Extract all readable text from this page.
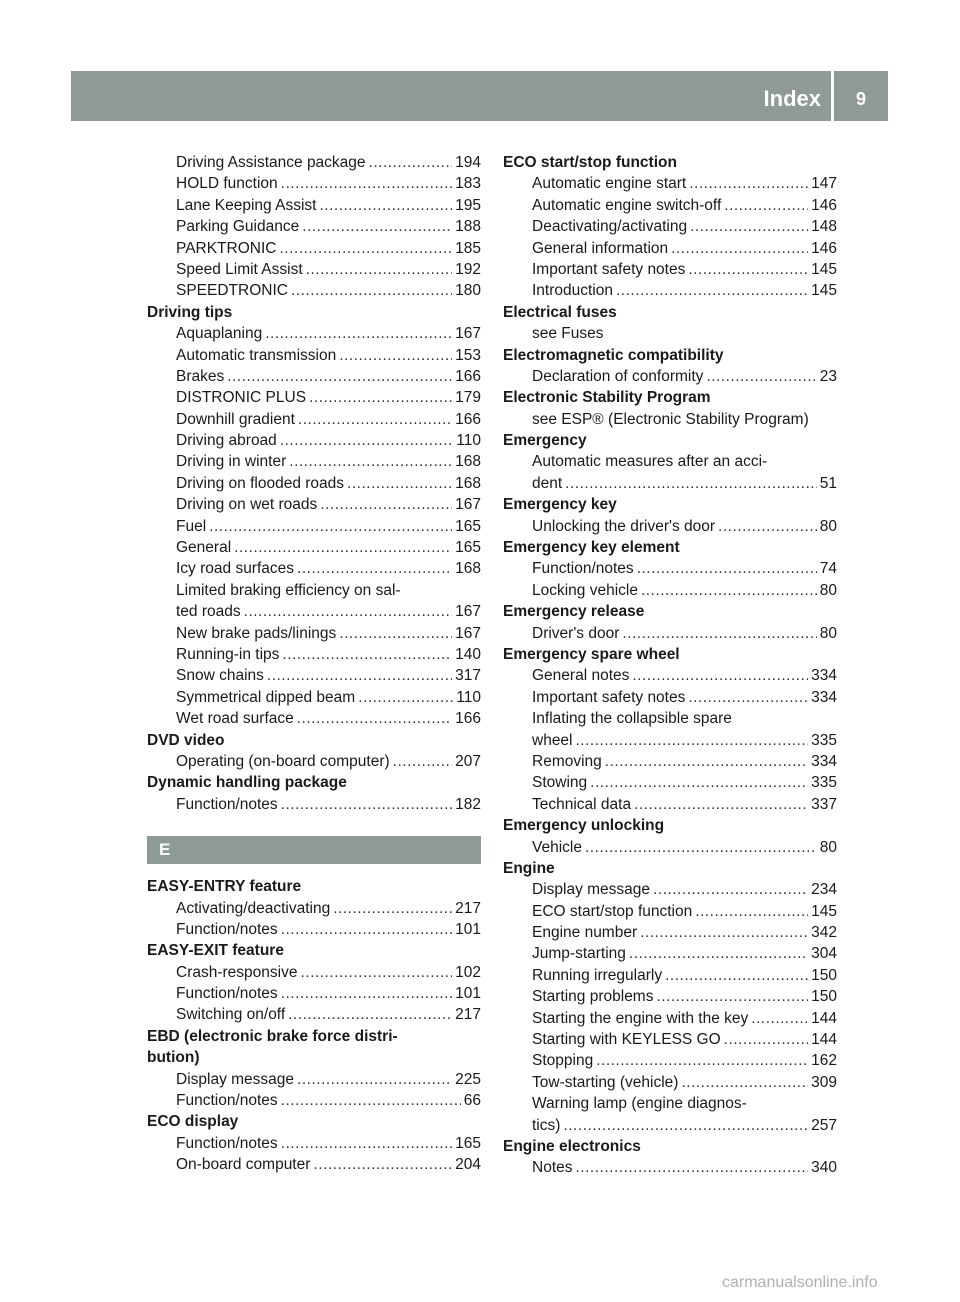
Index 9
Driving Assistance package .....	194
HOLD function .....	183
Lane Keeping Assist .....	195
Parking Guidance .....	188
PARKTRONIC .....	185
Speed Limit Assist .....	192
SPEEDTRONIC .....	180
Driving tips
Aquaplaning .....	167
Automatic transmission .....	153
Brakes .....	166
DISTRONIC PLUS .....	179
Downhill gradient .....	166
Driving abroad .....	110
Driving in winter .....	168
Driving on flooded roads .....	168
Driving on wet roads .....	167
Fuel .....	165
General .....	165
Icy road surfaces .....	168
Limited braking efficiency on sal-
ted roads .....	167
New brake pads/linings .....	167
Running-in tips .....	140
Snow chains .....	317
Symmetrical dipped beam .....	110
Wet road surface .....	166
DVD video
Operating (on-board computer) .....	207
Dynamic handling package
Function/notes .....	182
E
EASY-ENTRY feature
Activating/deactivating .....	217
Function/notes .....	101
EASY-EXIT feature
Crash-responsive .....	102
Function/notes .....	101
Switching on/off .....	217
EBD (electronic brake force distri-
bution)
Display message .....	225
Function/notes .....	66
ECO display
Function/notes .....	165
On-board computer .....	204
ECO start/stop function
Automatic engine start .....	147
Automatic engine switch-off .....	146
Deactivating/activating .....	148
General information .....	146
Important safety notes .....	145
Introduction .....	145
Electrical fuses
see Fuses
Electromagnetic compatibility
Declaration of conformity .....	23
Electronic Stability Program
see ESP® (Electronic Stability Program)
Emergency
Automatic measures after an acci-
dent .....	51
Emergency key
Unlocking the driver's door .....	80
Emergency key element
Function/notes .....	74
Locking vehicle .....	80
Emergency release
Driver's door .....	80
Emergency spare wheel
General notes .....	334
Important safety notes .....	334
Inflating the collapsible spare
wheel .....	335
Removing .....	334
Stowing .....	335
Technical data .....	337
Emergency unlocking
Vehicle .....	80
Engine
Display message .....	234
ECO start/stop function .....	145
Engine number .....	342
Jump-starting .....	304
Running irregularly .....	150
Starting problems .....	150
Starting the engine with the key .....	144
Starting with KEYLESS GO .....	144
Stopping .....	162
Tow-starting (vehicle) .....	309
Warning lamp (engine diagnos-
tics) .....	257
Engine electronics
Notes .....	340
carmanualsonline.info
